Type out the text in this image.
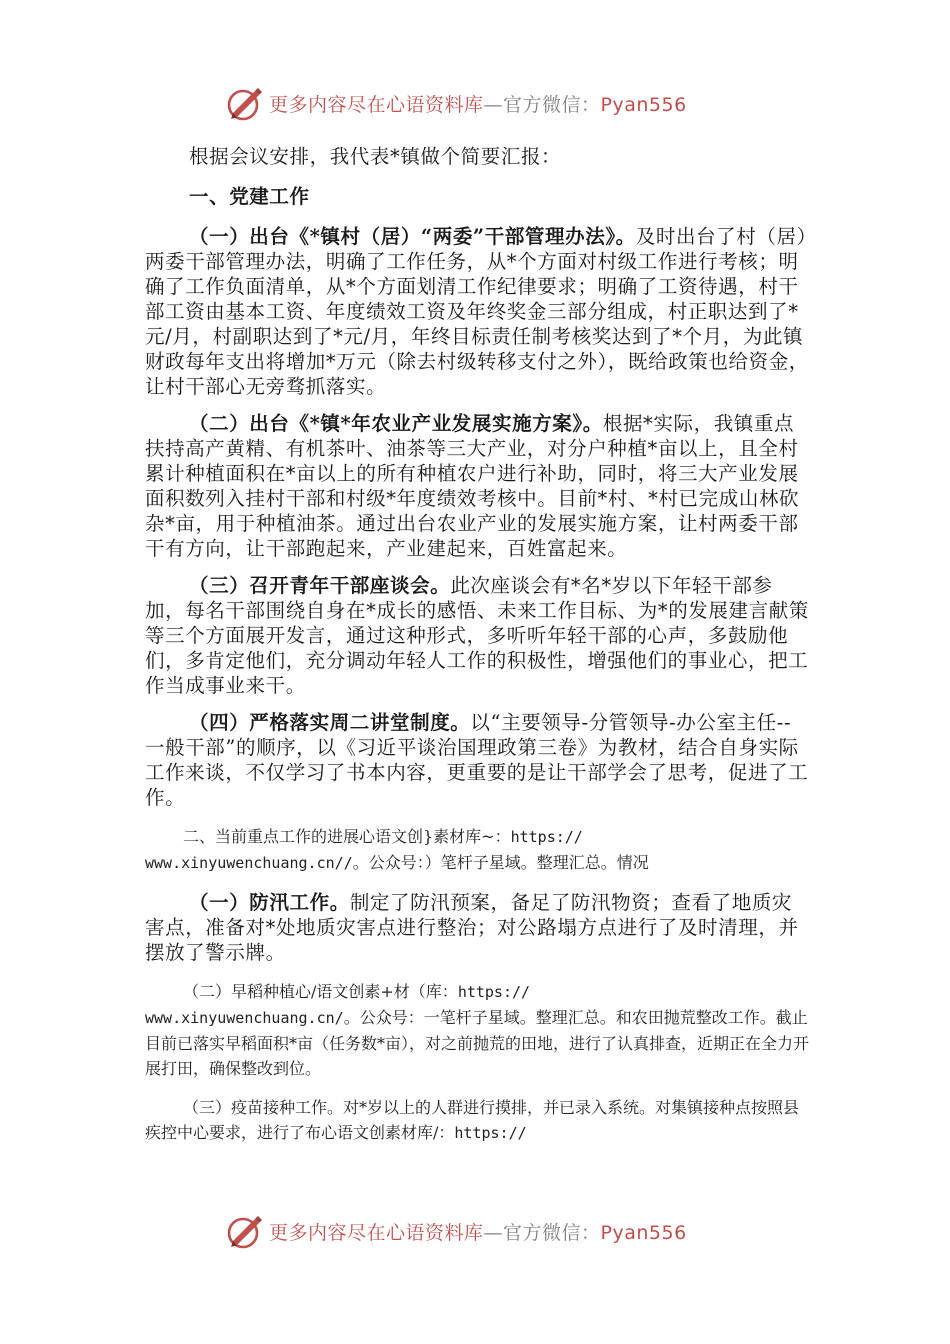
更多内容尽在心语资料库—官方微信：Pyan556

根据会议安排，我代表*镇做个简要汇报：

一、党建工作

（一）出台《*镇村（居）“两委”干部管理办法》。及时出台了村（居）两委干部管理办法，明确了工作任务，从*个方面对村级工作进行考核；明确了工作负面清单，从*个方面划清工作纪律要求；明确了工资待遇，村干部工资由基本工资、年度绩效工资及年终奖金三部分组成，村正职达到了*元/月，村副职达到了*元/月，年终目标责任制考核奖达到了*个月，为此镇财政每年支出将增加*万元（除去村级转移支付之外），既给政策也给资金，让村干部心无旁骛抓落实。

（二）出台《*镇*年农业产业发展实施方案》。根据*实际，我镇重点扶持高产黄精、有机茶叶、油茶等三大产业，对分户种植*亩以上，且全村累计种植面积在*亩以上的所有种植农户进行补助，同时，将三大产业发展面积数列入挂村干部和村级*年度绩效考核中。目前*村、*村已完成山林砍杂*亩，用于种植油茶。通过出台农业产业的发展实施方案，让村两委干部干有方向，让干部跑起来，产业建起来，百姓富起来。

（三）召开青年干部座谈会。此次座谈会有*名*岁以下年轻干部参加，每名干部围绕自身在*成长的感悟、未来工作目标、为*的发展建言献策等三个方面展开发言，通过这种形式，多听听年轻干部的心声，多鼓励他们，多肯定他们，充分调动年轻人工作的积极性，增强他们的事业心，把工作当成事业来干。

（四）严格落实周二讲堂制度。以“主要领导-分管领导-办公室主任--一般干部”的顺序，以《习近平谈治国理政第三卷》为教材，结合自身实际工作来谈，不仅学习了书本内容，更重要的是让干部学会了思考，促进了工作。

二、当前重点工作的进展心语文创}素材库~：https://
www.xinyuwenchuang.cn//。公众号：）笔杆子星域。整理汇总。情况

（一）防汛工作。制定了防汛预案，备足了防汛物资；查看了地质灾害点，准备对*处地质灾害点进行整治；对公路塌方点进行了及时清理，并摆放了警示牌。

（二）早稻种植心/语文创素+材（库：https://
www.xinyuwenchuang.cn/。公众号：一笔杆子星域。整理汇总。和农田抛荒整改工作。截止目前已落实早稻面积*亩（任务数*亩），对之前抛荒的田地，进行了认真排查，近期正在全力开展打田，确保整改到位。

（三）疫苗接种工作。对*岁以上的人群进行摸排，并已录入系统。对集镇接种点按照县疾控中心要求，进行了布心语文创素材库/：https://

更多内容尽在心语资料库—官方微信：Pyan556
